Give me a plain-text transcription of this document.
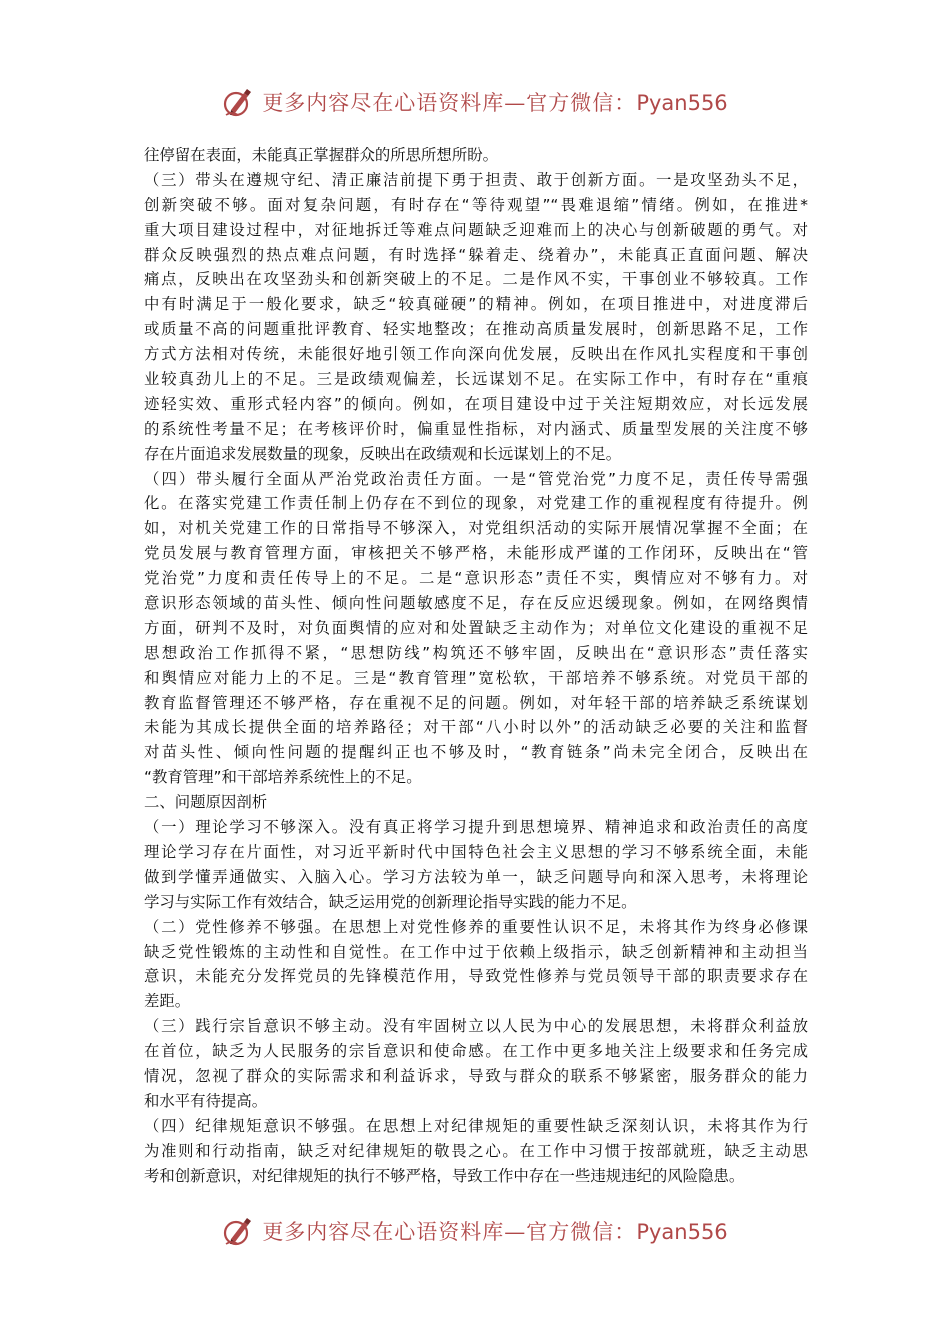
更多内容尽在心语资料库—官方微信：Pyan556
往停留在表面，未能真正掌握群众的所思所想所盼。
（三）带头在遵规守纪、清正廉洁前提下勇于担责、敢于创新方面。一是攻坚劲头不足，
创新突破不够。面对复杂问题，有时存在“等待观望”“畏难退缩”情绪。例如，在推进*
重大项目建设过程中，对征地拆迁等难点问题缺乏迎难而上的决心与创新破题的勇气。对
群众反映强烈的热点难点问题，有时选择“躲着走、绕着办”，未能真正直面问题、解决
痛点，反映出在攻坚劲头和创新突破上的不足。二是作风不实，干事创业不够较真。工作
中有时满足于一般化要求，缺乏“较真碰硬”的精神。例如，在项目推进中，对进度滞后
或质量不高的问题重批评教育、轻实地整改；在推动高质量发展时，创新思路不足，工作
方式方法相对传统，未能很好地引领工作向深向优发展，反映出在作风扎实程度和干事创
业较真劲儿上的不足。三是政绩观偏差，长远谋划不足。在实际工作中，有时存在“重痕
迹轻实效、重形式轻内容”的倾向。例如，在项目建设中过于关注短期效应，对长远发展
的系统性考量不足；在考核评价时，偏重显性指标，对内涵式、质量型发展的关注度不够
存在片面追求发展数量的现象，反映出在政绩观和长远谋划上的不足。
（四）带头履行全面从严治党政治责任方面。一是“管党治党”力度不足，责任传导需强
化。在落实党建工作责任制上仍存在不到位的现象，对党建工作的重视程度有待提升。例
如，对机关党建工作的日常指导不够深入，对党组织活动的实际开展情况掌握不全面；在
党员发展与教育管理方面，审核把关不够严格，未能形成严谨的工作闭环，反映出在“管
党治党”力度和责任传导上的不足。二是“意识形态”责任不实，舆情应对不够有力。对
意识形态领域的苗头性、倾向性问题敏感度不足，存在反应迟缓现象。例如，在网络舆情
方面，研判不及时，对负面舆情的应对和处置缺乏主动作为；对单位文化建设的重视不足
思想政治工作抓得不紧，“思想防线”构筑还不够牢固，反映出在“意识形态”责任落实
和舆情应对能力上的不足。三是“教育管理”宽松软，干部培养不够系统。对党员干部的
教育监督管理还不够严格，存在重视不足的问题。例如，对年轻干部的培养缺乏系统谋划
未能为其成长提供全面的培养路径；对干部“八小时以外”的活动缺乏必要的关注和监督
对苗头性、倾向性问题的提醒纠正也不够及时，“教育链条”尚未完全闭合，反映出在
“教育管理”和干部培养系统性上的不足。
二、问题原因剖析
（一）理论学习不够深入。没有真正将学习提升到思想境界、精神追求和政治责任的高度
理论学习存在片面性，对习近平新时代中国特色社会主义思想的学习不够系统全面，未能
做到学懂弄通做实、入脑入心。学习方法较为单一，缺乏问题导向和深入思考，未将理论
学习与实际工作有效结合，缺乏运用党的创新理论指导实践的能力不足。
（二）党性修养不够强。在思想上对党性修养的重要性认识不足，未将其作为终身必修课
缺乏党性锻炼的主动性和自觉性。在工作中过于依赖上级指示，缺乏创新精神和主动担当
意识，未能充分发挥党员的先锋模范作用，导致党性修养与党员领导干部的职责要求存在
差距。
（三）践行宗旨意识不够主动。没有牢固树立以人民为中心的发展思想，未将群众利益放
在首位，缺乏为人民服务的宗旨意识和使命感。在工作中更多地关注上级要求和任务完成
情况，忽视了群众的实际需求和利益诉求，导致与群众的联系不够紧密，服务群众的能力
和水平有待提高。
（四）纪律规矩意识不够强。在思想上对纪律规矩的重要性缺乏深刻认识，未将其作为行
为准则和行动指南，缺乏对纪律规矩的敬畏之心。在工作中习惯于按部就班，缺乏主动思
考和创新意识，对纪律规矩的执行不够严格，导致工作中存在一些违规违纪的风险隐患。
更多内容尽在心语资料库—官方微信：Pyan556
